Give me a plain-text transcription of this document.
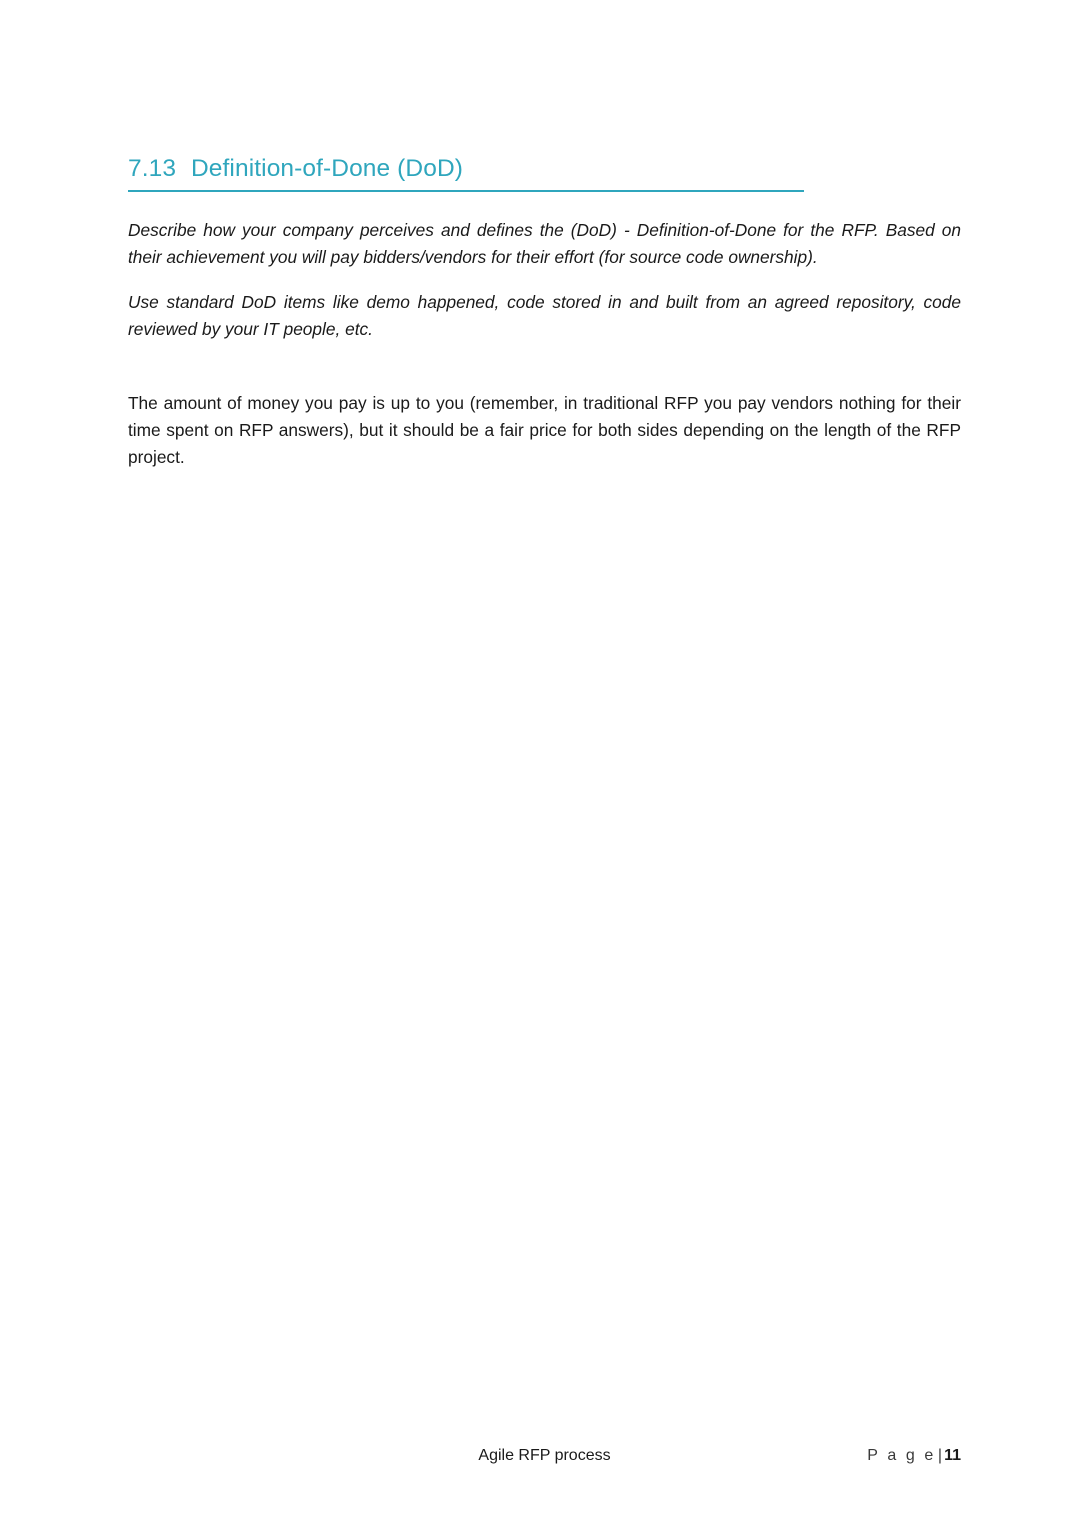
7.13 Definition-of-Done (DoD)

Describe how your company perceives and defines the (DoD) - Definition-of-Done for the RFP. Based on their achievement you will pay bidders/vendors for their effort (for source code ownership).

Use standard DoD items like demo happened, code stored in and built from an agreed repository, code reviewed by your IT people, etc.

The amount of money you pay is up to you (remember, in traditional RFP you pay vendors nothing for their time spent on RFP answers), but it should be a fair price for both sides depending on the length of the RFP project.

Agile RFP process	P a g e | 11
